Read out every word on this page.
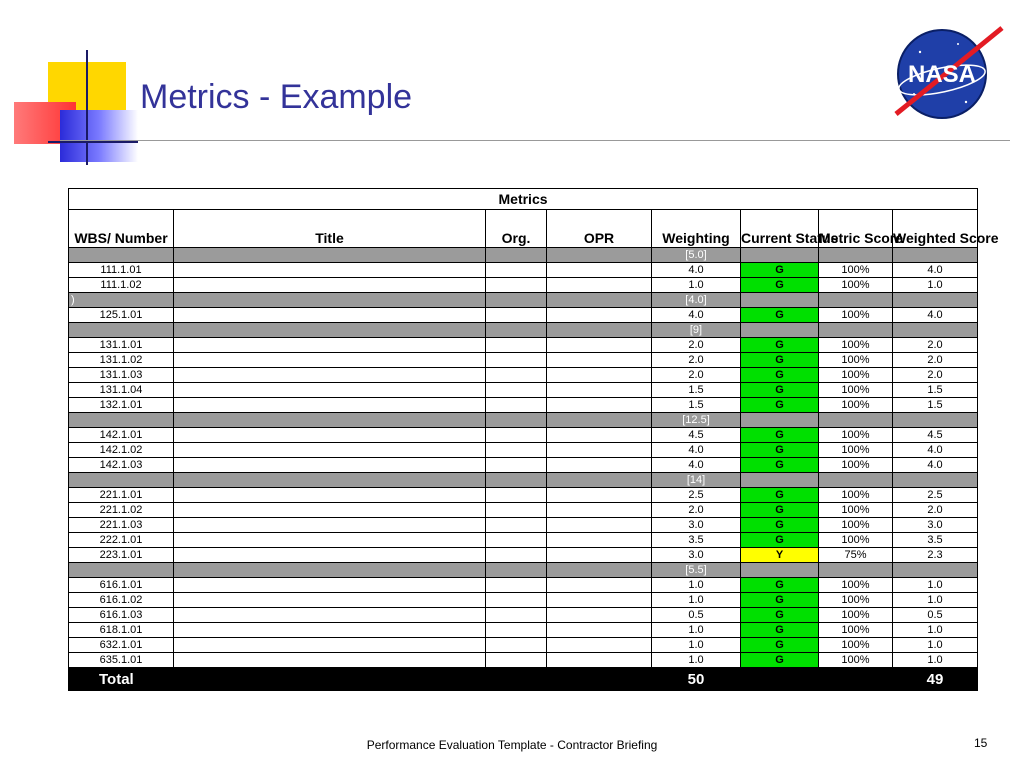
Metrics - Example
NASA
Metrics							
WBS/ Number	Title	Org.	OPR	Weighting	Current Status	Metric Score	Weighted Score
				[5.0]			
111.1.01				4.0	G	100%	4.0
111.1.02				1.0	G	100%	1.0
)				[4.0]			
125.1.01				4.0	G	100%	4.0
				[9]			
131.1.01				2.0	G	100%	2.0
131.1.02				2.0	G	100%	2.0
131.1.03				2.0	G	100%	2.0
131.1.04				1.5	G	100%	1.5
132.1.01				1.5	G	100%	1.5
				[12.5]			
142.1.01				4.5	G	100%	4.5
142.1.02				4.0	G	100%	4.0
142.1.03				4.0	G	100%	4.0
				[14]			
221.1.01				2.5	G	100%	2.5
221.1.02				2.0	G	100%	2.0
221.1.03				3.0	G	100%	3.0
222.1.01				3.5	G	100%	3.5
223.1.01				3.0	Y	75%	2.3
				[5.5]			
616.1.01				1.0	G	100%	1.0
616.1.02				1.0	G	100%	1.0
616.1.03				0.5	G	100%	0.5
618.1.01				1.0	G	100%	1.0
632.1.01				1.0	G	100%	1.0
635.1.01				1.0	G	100%	1.0
Total				50			49
Performance Evaluation Template - Contractor Briefing	15
